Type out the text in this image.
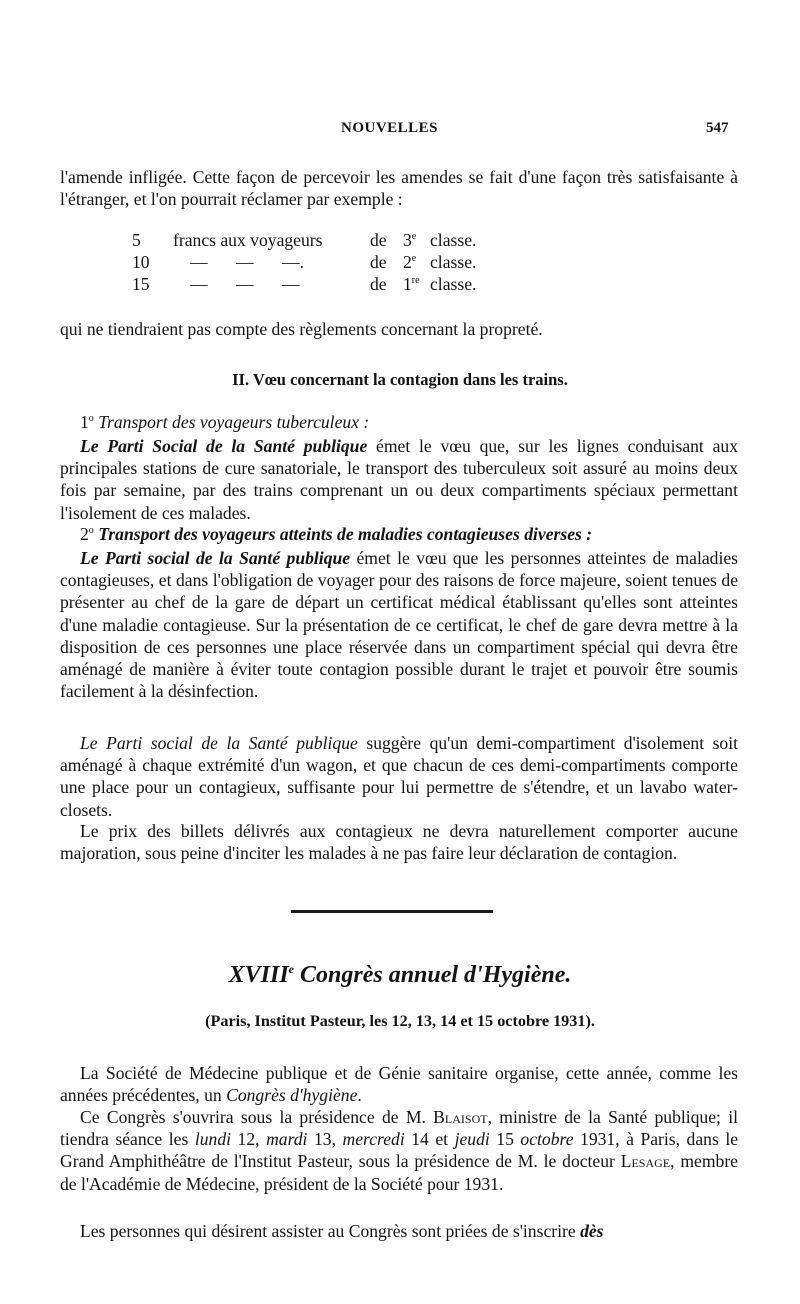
NOUVELLES	547

l'amende infligée. Cette façon de percevoir les amendes se fait d'une façon très satisfaisante à l'étranger, et l'on pourrait réclamer par exemple :

5 francs aux voyageurs	de 3e classe.
10 — — —.	de 2e classe.
15 — — —	de 1re classe.

qui ne tiendraient pas compte des règlements concernant la propreté.

II. Vœu concernant la contagion dans les trains.

1$^o$ Transport des voyageurs tuberculeux :

Le Parti Social de la Santé publique émet le vœu que, sur les lignes conduisant aux principales stations de cure sanatoriale, le transport des tuberculeux soit assuré au moins deux fois par semaine, par des trains comprenant un ou deux compartiments spéciaux permettant l'isolement de ces malades.

2$^o$ Transport des voyageurs atteints de maladies contagieuses diverses :

Le Parti social de la Santé publique émet le vœu que les personnes atteintes de maladies contagieuses, et dans l'obligation de voyager pour des raisons de force majeure, soient tenues de présenter au chef de la gare de départ un certificat médical établissant qu'elles sont atteintes d'une maladie contagieuse. Sur la présentation de ce certificat, le chef de gare devra mettre à la disposition de ces personnes une place réservée dans un compartiment spécial qui devra être aménagé de manière à éviter toute contagion possible durant le trajet et pouvoir être soumis facilement à la désinfection.

Le Parti social de la Santé publique suggère qu'un demi-compartiment d'isolement soit aménagé à chaque extrémité d'un wagon, et que chacun de ces demi-compartiments comporte une place pour un contagieux, suffisante pour lui permettre de s'étendre, et un lavabo water-closets.

Le prix des billets délivrés aux contagieux ne devra naturellement comporter aucune majoration, sous peine d'inciter les malades à ne pas faire leur déclaration de contagion.

XVIIIe Congrès annuel d'Hygiène.
(Paris, Institut Pasteur, les 12, 13, 14 et 15 octobre 1931).

La Société de Médecine publique et de Génie sanitaire organise, cette année, comme les années précédentes, un Congrès d'hygiène.

Ce Congrès s'ouvrira sous la présidence de M. Blaisot, ministre de la Santé publique; il tiendra séance les lundi 12, mardi 13, mercredi 14 et jeudi 15 octobre 1931, à Paris, dans le Grand Amphithéâtre de l'Institut Pasteur, sous la présidence de M. le docteur Lesage, membre de l'Académie de Médecine, président de la Société pour 1931.

Les personnes qui désirent assister au Congrès sont priées de s'inscrire dès
